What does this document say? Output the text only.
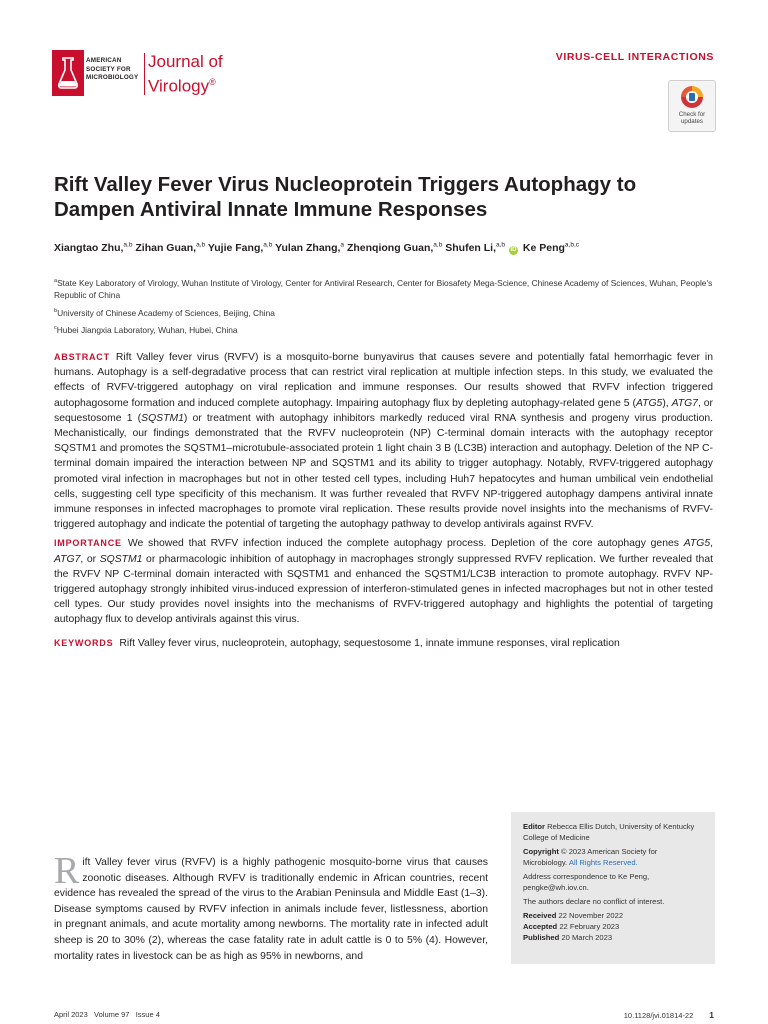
AMERICAN
SOCIETY FOR
MICROBIOLOGY
Journal of
Virology®
VIRUS-CELL INTERACTIONS
Check for
updates
Rift Valley Fever Virus Nucleoprotein Triggers Autophagy to Dampen Antiviral Innate Immune Responses
Xiangtao Zhu,$^{a,b}$ Zihan Guan,$^{a,b}$ Yujie Fang,$^{a,b}$ Yulan Zhang,$^a$ Zhenqiong Guan,$^{a,b}$ Shufen Li,$^{a,b}$ iD Ke Peng$^{a,b,c}$

$^a$State Key Laboratory of Virology, Wuhan Institute of Virology, Center for Antiviral Research, Center for Biosafety Mega-Science, Chinese Academy of Sciences, Wuhan, People's Republic of China

$^b$University of Chinese Academy of Sciences, Beijing, China

$^c$Hubei Jiangxia Laboratory, Wuhan, Hubei, China

ABSTRACT Rift Valley fever virus (RVFV) is a mosquito-borne bunyavirus that causes severe and potentially fatal hemorrhagic fever in humans. Autophagy is a self-degradative process that can restrict viral replication at multiple infection steps. In this study, we evaluated the effects of RVFV-triggered autophagy on viral replication and immune responses. Our results showed that RVFV infection triggered autophagosome formation and induced complete autophagy. Impairing autophagy flux by depleting autophagy-related gene 5 (ATG5), ATG7, or sequestosome 1 (SQSTM1) or treatment with autophagy inhibitors markedly reduced viral RNA synthesis and progeny virus production. Mechanistically, our findings demonstrated that the RVFV nucleoprotein (NP) C-terminal domain interacts with the autophagy receptor SQSTM1 and promotes the SQSTM1–microtubule-associated protein 1 light chain 3 B (LC3B) interaction and autophagy. Deletion of the NP C-terminal domain impaired the interaction between NP and SQSTM1 and its ability to trigger autophagy. Notably, RVFV-triggered autophagy promoted viral infection in macrophages but not in other tested cell types, including Huh7 hepatocytes and human umbilical vein endothelial cells, suggesting cell type specificity of this mechanism. It was further revealed that RVFV NP-triggered autophagy dampens antiviral innate immune responses in infected macrophages to promote viral replication. These results provide novel insights into the mechanisms of RVFV-triggered autophagy and indicate the potential of targeting the autophagy pathway to develop antivirals against RVFV.

IMPORTANCE We showed that RVFV infection induced the complete autophagy process. Depletion of the core autophagy genes ATG5, ATG7, or SQSTM1 or pharmacologic inhibition of autophagy in macrophages strongly suppressed RVFV replication. We further revealed that the RVFV NP C-terminal domain interacted with SQSTM1 and enhanced the SQSTM1/LC3B interaction to promote autophagy. RVFV NP-triggered autophagy strongly inhibited virus-induced expression of interferon-stimulated genes in infected macrophages but not in other tested cell types. Our study provides novel insights into the mechanisms of RVFV-triggered autophagy and highlights the potential of targeting autophagy flux to develop antivirals against this virus.

KEYWORDS Rift Valley fever virus, nucleoprotein, autophagy, sequestosome 1, innate immune responses, viral replication

Editor Rebecca Ellis Dutch, University of Kentucky College of Medicine

Copyright © 2023 American Society for Microbiology. All Rights Reserved.

Address correspondence to Ke Peng, pengke@wh.iov.cn.

The authors declare no conflict of interest.

Received 22 November 2022

Accepted 22 February 2023

Published 20 March 2023

Rift Valley fever virus (RVFV) is a highly pathogenic mosquito-borne virus that causes zoonotic diseases. Although RVFV is traditionally endemic in African countries, recent evidence has revealed the spread of the virus to the Arabian Peninsula and Middle East (1–3). Disease symptoms caused by RVFV infection in animals include fever, listlessness, abortion in pregnant animals, and acute mortality among newborns. The mortality rate in infected adult sheep is 20 to 30% (2), whereas the case fatality rate in adult cattle is 0 to 5% (4). However, mortality rates in livestock can be as high as 95% in newborns, and
April 2023   Volume 97   Issue 4	10.1128/jvi.01814-22 1
